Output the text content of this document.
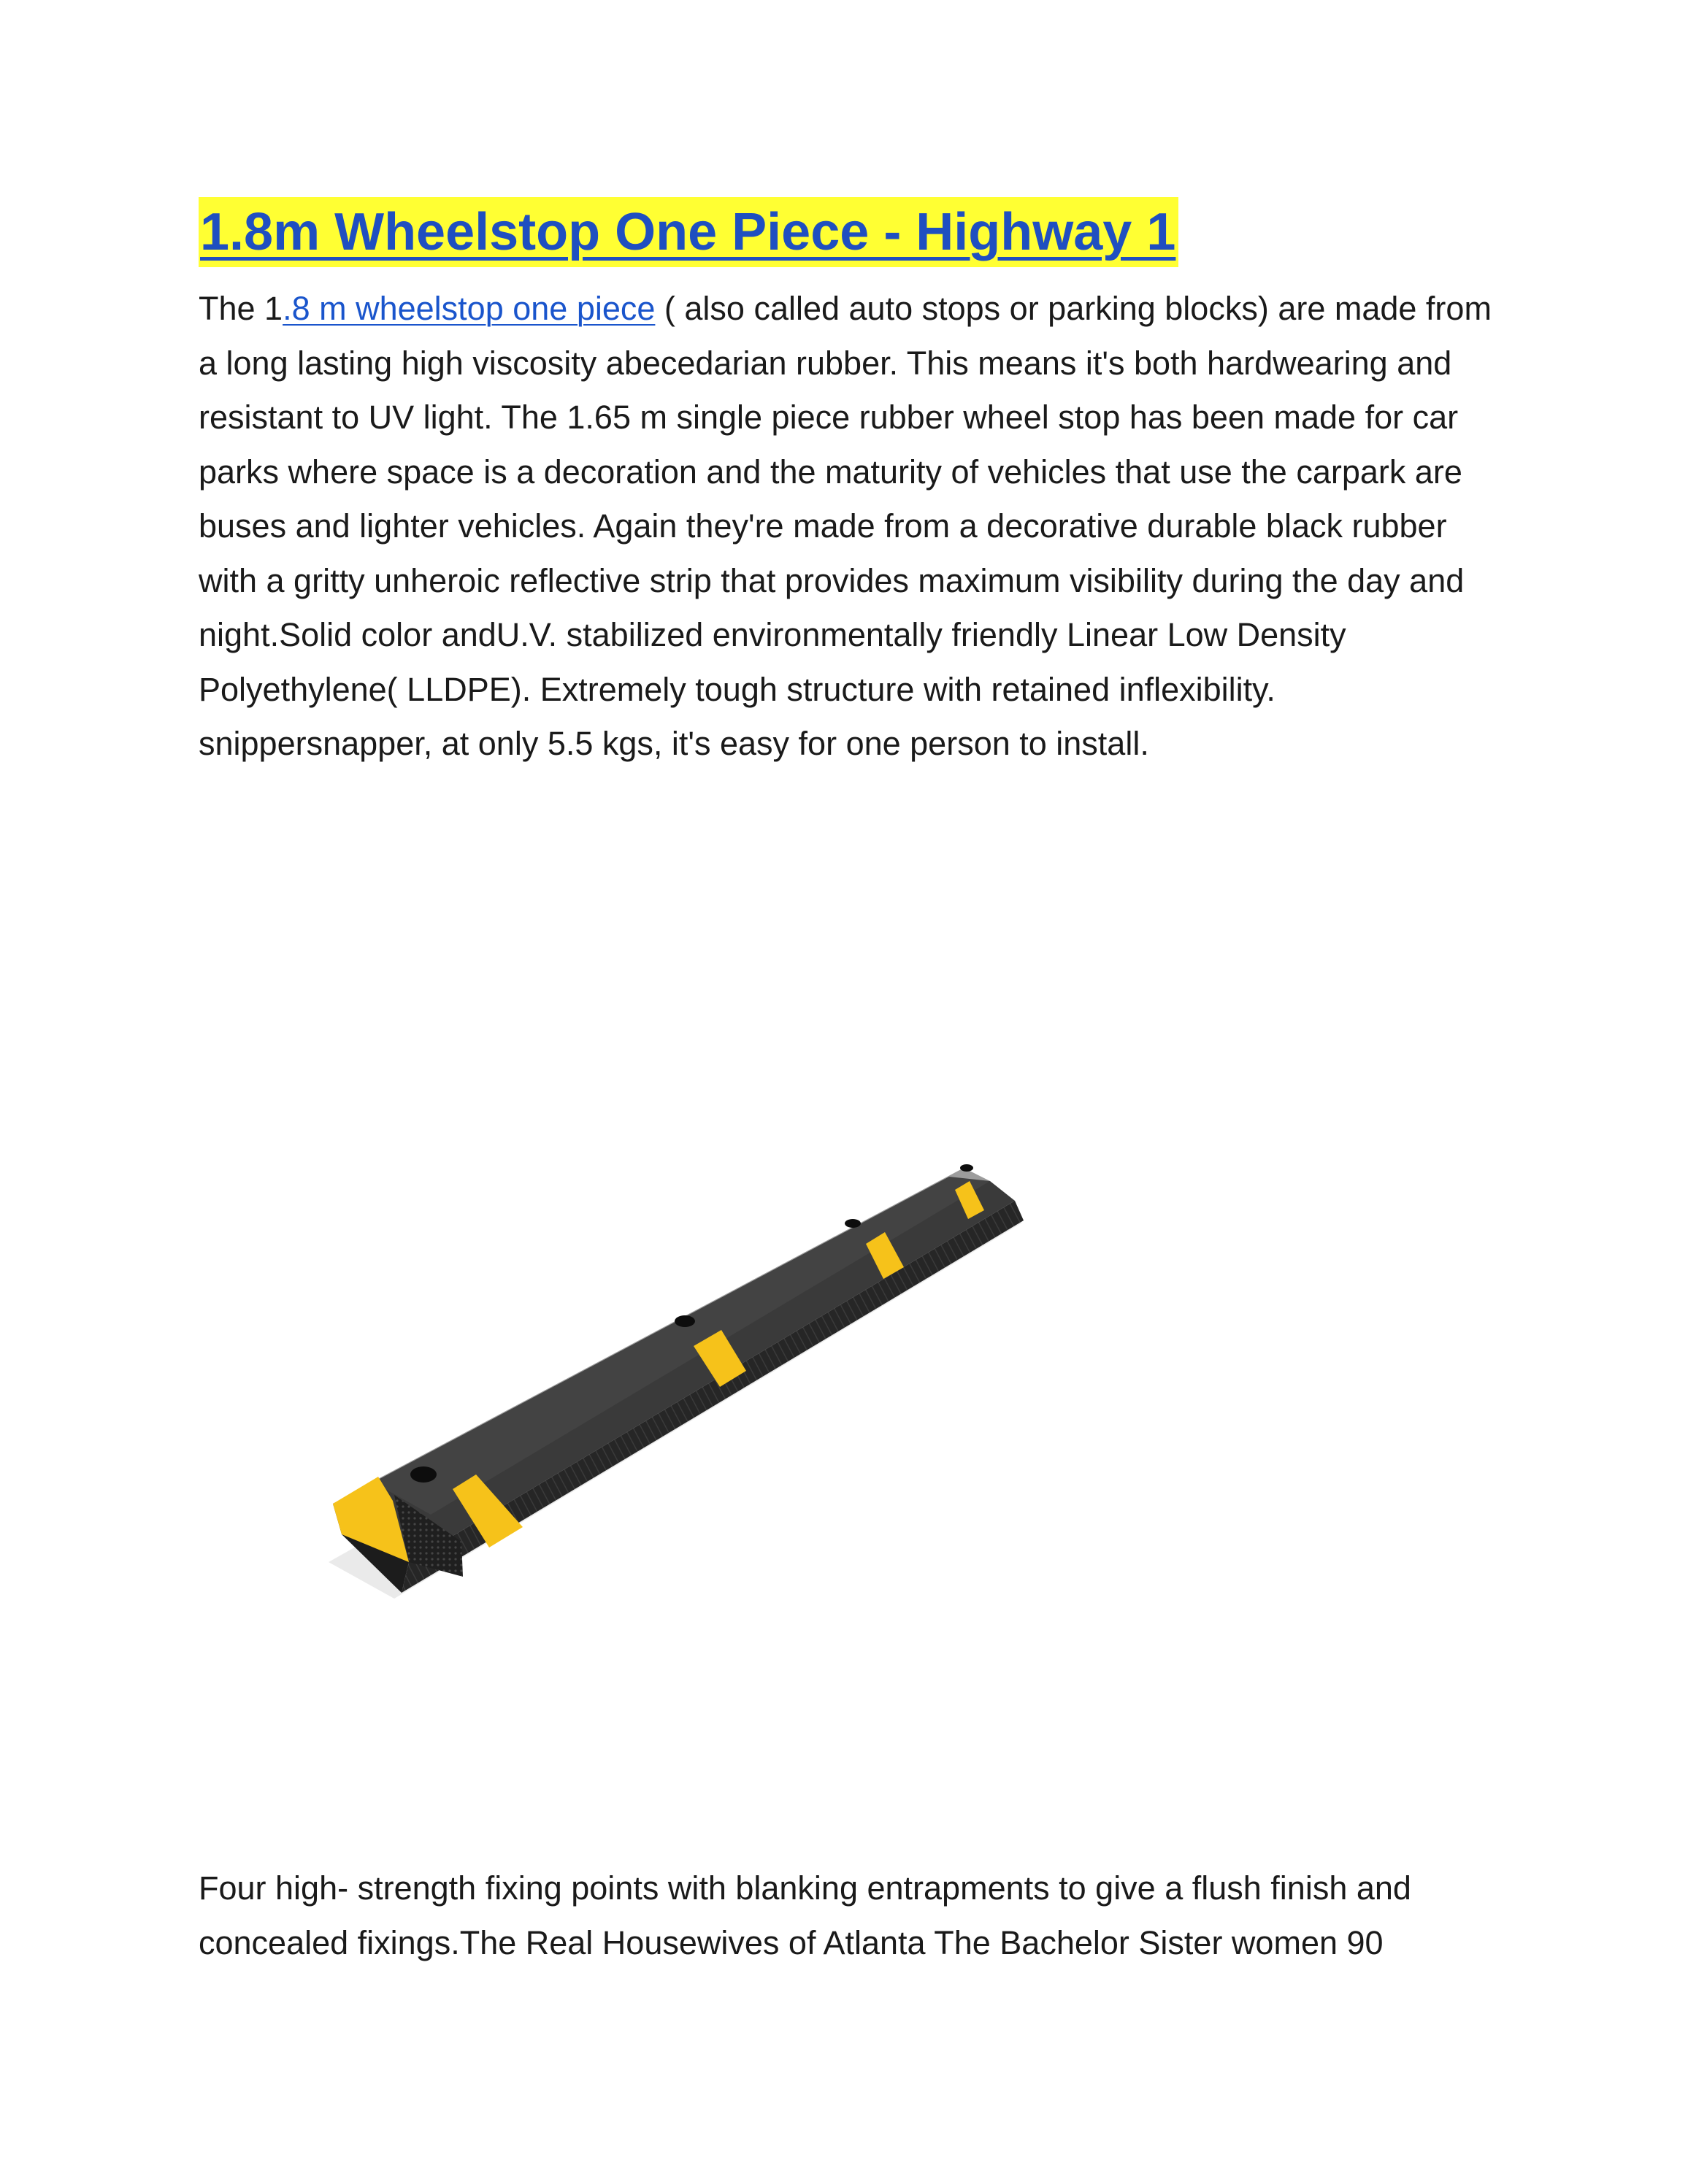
1.8m Wheelstop One Piece - Highway 1

The 1.8 m wheelstop one piece ( also called auto stops or parking blocks) are made from a long lasting high viscosity abecedarian rubber. This means it's both hardwearing and resistant to UV light. The 1.65 m single piece rubber wheel stop has been made for car parks where space is a decoration and the maturity of vehicles that use the carpark are buses and lighter vehicles. Again they're made from a decorative durable black rubber with a gritty unheroic reflective strip that provides maximum visibility during the day and night.Solid color andU.V. stabilized environmentally friendly Linear Low Density Polyethylene( LLDPE). Extremely tough structure with retained inflexibility. snippersnapper, at only 5.5 kgs, it's easy for one person to install.

Four high- strength fixing points with blanking entrapments to give a flush finish and concealed fixings.The Real Housewives of Atlanta The Bachelor Sister women 90
